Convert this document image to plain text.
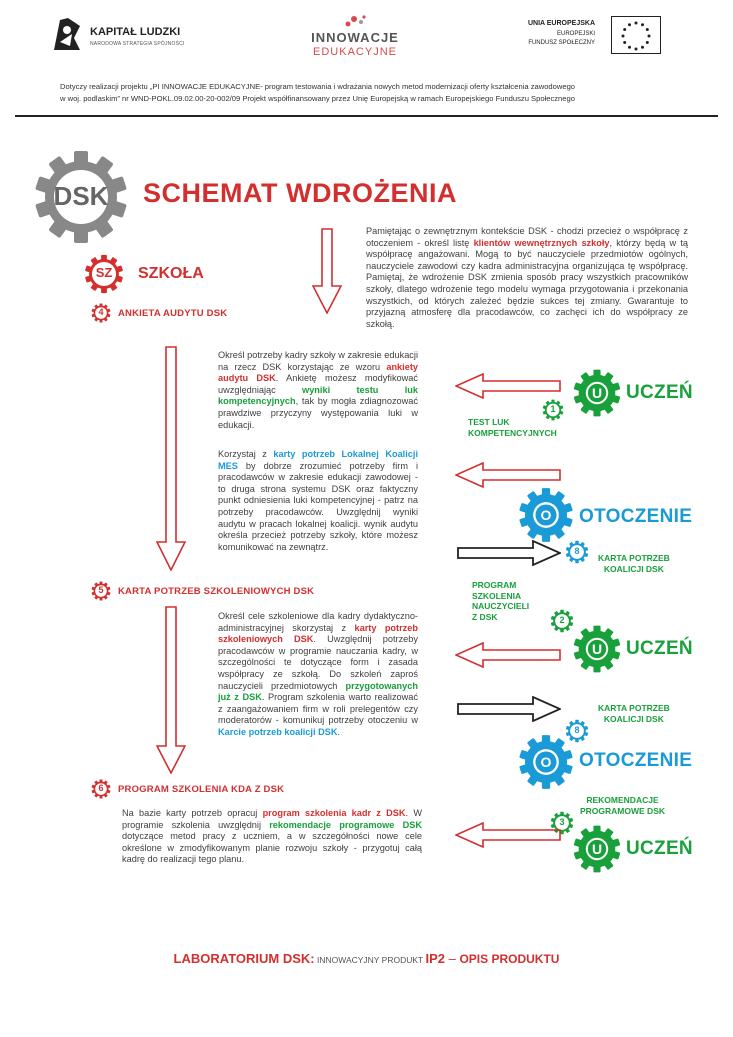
KAPITAŁ LUDZKI
NARODOWA STRATEGIA SPÓJNOŚCI	INNOWACJE
EDUKACYJNE
UNIA EUROPEJSKA
EUROPEJSKI
FUNDUSZ SPOŁECZNY
Dotyczy realizacji projektu „PI INNOWACJE EDUKACYJNE- program testowania i wdrażania nowych metod modernizacji oferty kształcenia zawodowego
w woj. podlaskim” nr WND-POKL.09.02.00-20-002/09 Projekt współfinansowany przez Unię Europejską w ramach Europejskiego Funduszu Społecznego
DSK	SCHEMAT WDROŻENIA
Pamiętając o zewnętrznym kontekście DSK - chodzi przecież o współpracę z otoczeniem - określ listę klientów wewnętrznych szkoły, którzy będą w tą współpracę angażowani. Mogą to być nauczyciele przedmiotów ogólnych, nauczyciele zawodowi czy kadra administracyjna organizująca tę współpracę. Pamiętaj, że wdrożenie DSK zmienia sposób pracy wszystkich pracowników szkoły, dlatego wdrożenie tego modelu wymaga przygotowania i przekonania wszystkich, od których zależeć będzie sukces tej zmiany. Gwarantuje to przyjazną atmosferę dla pracodawców, co zachęci ich do współpracy ze szkołą.
SZ	SZKOŁA
4	ANKIETA AUDYTU DSK
Określ potrzeby kadry szkoły w zakresie edukacji na rzecz DSK korzystając ze wzoru ankiety audytu DSK. Ankietę możesz modyfikować uwzględniając wyniki testu luk kompetencyjnych, tak by mogła zdiagnozować prawdziwe przyczyny występowania luki w edukacji.
Korzystaj z karty potrzeb Lokalnej Koalicji MES by dobrze zrozumieć potrzeby firm i pracodawców w zakresie edukacji zawodowej - to druga strona systemu DSK oraz faktyczny punkt odniesienia luki kompetencyjnej - patrz na potrzeby pracodawców. Uwzględnij wyniki audytu w pracach lokalnej koalicji. wynik audytu określa przecież potrzeby szkoły, które możesz komunikować na zewnątrz.
5	KARTA POTRZEB SZKOLENIOWYCH DSK
Określ cele szkoleniowe dla kadry dydaktyczno-administracyjnej skorzystaj z karty potrzeb szkoleniowych DSK. Uwzględnij potrzeby pracodawców w programie nauczania kadry, w szczególności te dotyczące form i zasada współpracy ze szkołą. Do szkoleń zaproś nauczycieli przedmiotowych przygotowanych już z DSK. Program szkolenia warto realizować z zaangażowaniem firm w roli prelegentów czy moderatorów - komunikuj potrzeby otoczeniu w Karcie potrzeb koalicji DSK.
6	PROGRAM SZKOLENIA KDA Z DSK
Na bazie karty potrzeb opracuj program szkolenia kadr z DSK. W programie szkolenia uwzględnij rekomendacje programowe DSK dotyczące metod pracy z uczniem, a w szczegółności nowe cele określone w zmodyfikowanym planie rozwoju szkoły - przygotuj całą kadrę do realizacji tego planu.
U	UCZEŃ
1
TEST LUK
KOMPETENCYJNYCH
O	OTOCZENIE
8
KARTA POTRZEB
KOALICJI DSK
PROGRAM
SZKOLENIA
NAUCZYCIELI
Z DSK	2
U	UCZEŃ
KARTA POTRZEB
KOALICJI DSK
8
O	OTOCZENIE
REKOMENDACJE
PROGRAMOWE DSK
3
U	UCZEŃ
LABORATORIUM DSK: INNOWACYJNY PRODUKT IP2 – OPIS PRODUKTU
